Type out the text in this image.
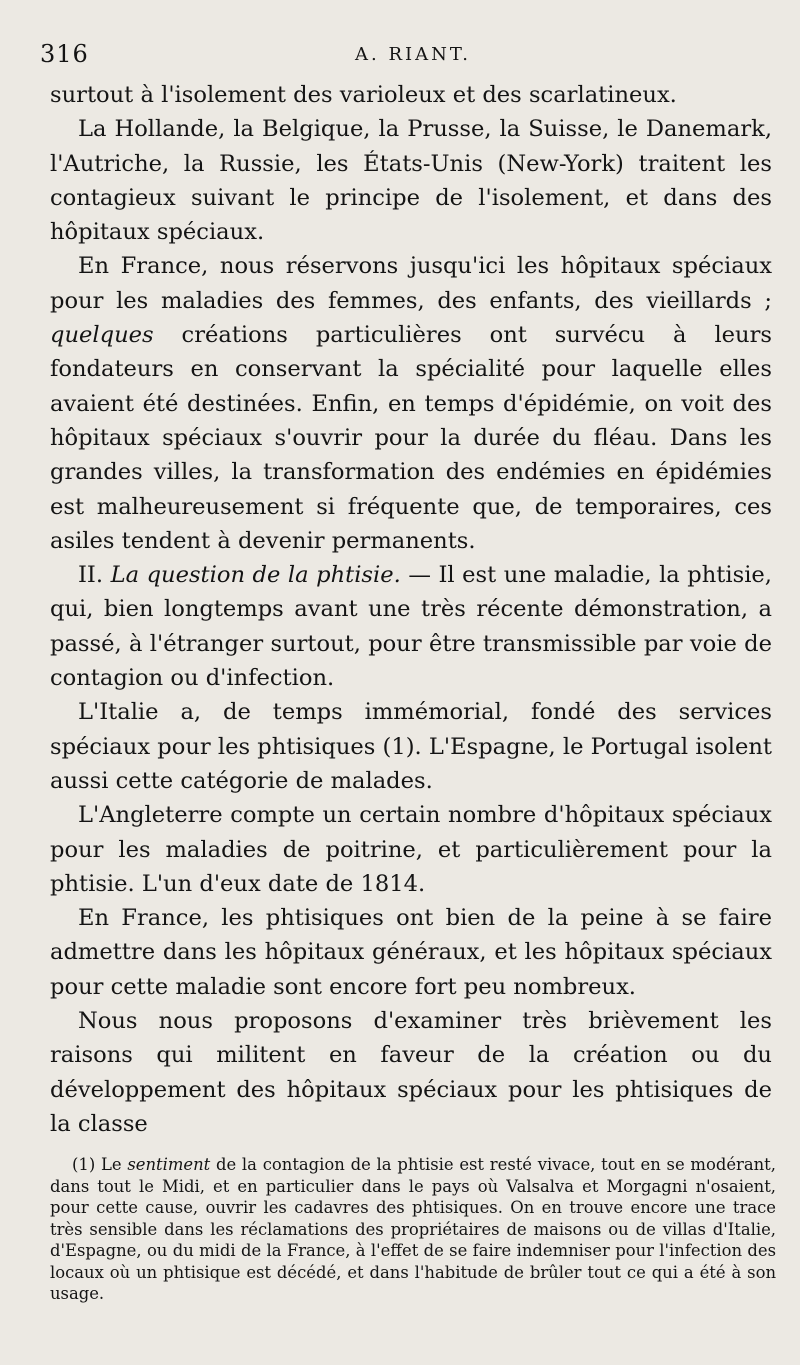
316	A. RIANT.

surtout à l'isolement des varioleux et des scarlatineux.

La Hollande, la Belgique, la Prusse, la Suisse, le Danemark, l'Autriche, la Russie, les États-Unis (New-York) traitent les contagieux suivant le principe de l'isolement, et dans des hôpitaux spéciaux.

En France, nous réservons jusqu'ici les hôpitaux spéciaux pour les maladies des femmes, des enfants, des vieillards ; quelques créations particulières ont survécu à leurs fondateurs en conservant la spécialité pour laquelle elles avaient été destinées. Enfin, en temps d'épidémie, on voit des hôpitaux spéciaux s'ouvrir pour la durée du fléau. Dans les grandes villes, la transformation des endémies en épidémies est malheureusement si fréquente que, de temporaires, ces asiles tendent à devenir permanents.

II. La question de la phtisie. — Il est une maladie, la phtisie, qui, bien longtemps avant une très récente démonstration, a passé, à l'étranger surtout, pour être transmissible par voie de contagion ou d'infection.

L'Italie a, de temps immémorial, fondé des services spéciaux pour les phtisiques (1). L'Espagne, le Portugal isolent aussi cette catégorie de malades.

L'Angleterre compte un certain nombre d'hôpitaux spéciaux pour les maladies de poitrine, et particulièrement pour la phtisie. L'un d'eux date de 1814.

En France, les phtisiques ont bien de la peine à se faire admettre dans les hôpitaux généraux, et les hôpitaux spéciaux pour cette maladie sont encore fort peu nombreux.

Nous nous proposons d'examiner très brièvement les raisons qui militent en faveur de la création ou du développement des hôpitaux spéciaux pour les phtisiques de la classe

(1) Le sentiment de la contagion de la phtisie est resté vivace, tout en se modérant, dans tout le Midi, et en particulier dans le pays où Valsalva et Morgagni n'osaient, pour cette cause, ouvrir les cadavres des phtisiques. On en trouve encore une trace très sensible dans les réclamations des propriétaires de maisons ou de villas d'Italie, d'Espagne, ou du midi de la France, à l'effet de se faire indemniser pour l'infection des locaux où un phtisique est décédé, et dans l'habitude de brûler tout ce qui a été à son usage.
